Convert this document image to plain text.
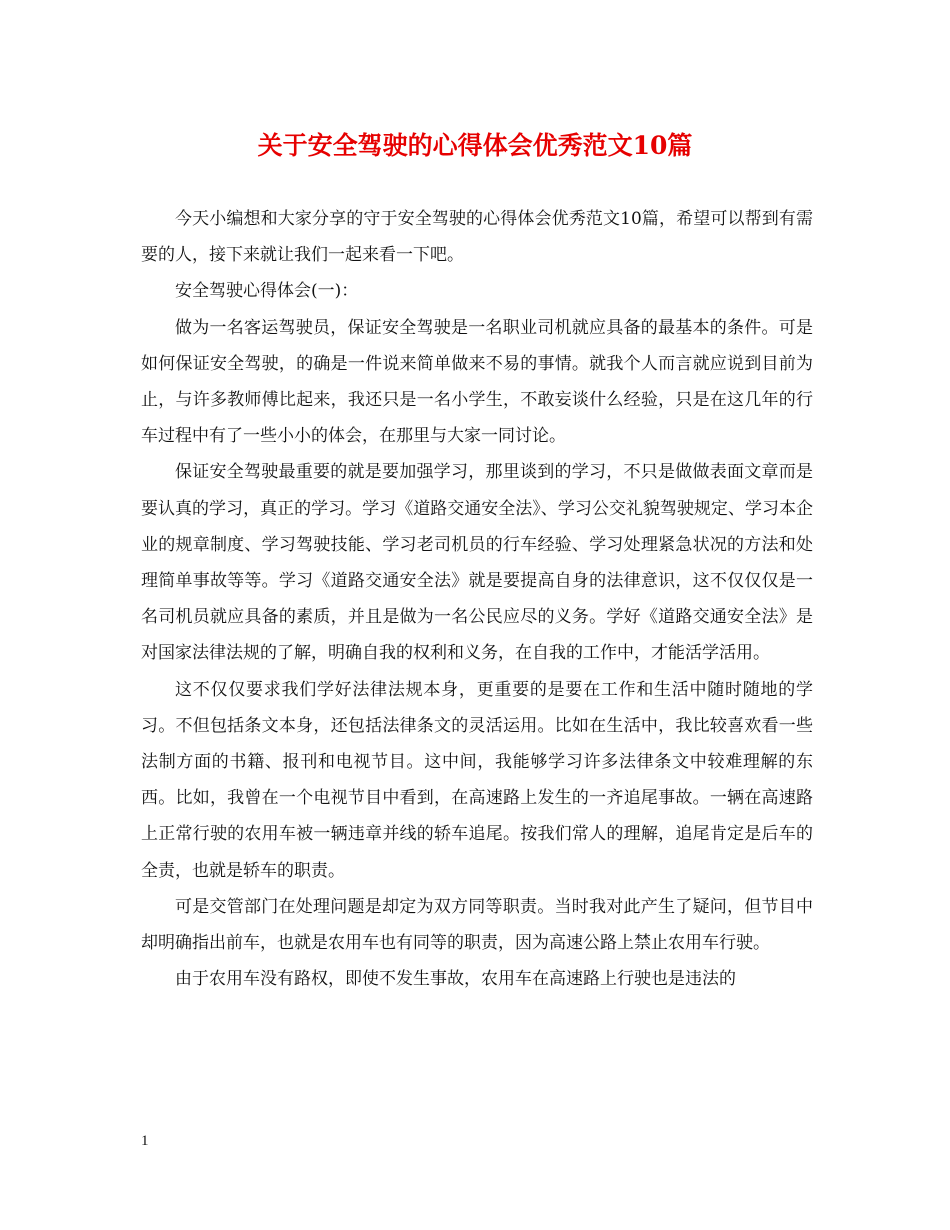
关于安全驾驶的心得体会优秀范文10篇

今天小编想和大家分享的守于安全驾驶的心得体会优秀范文10篇，希望可以帮到有需要的人，接下来就让我们一起来看一下吧。

安全驾驶心得体会(一)：

做为一名客运驾驶员，保证安全驾驶是一名职业司机就应具备的最基本的条件。可是如何保证安全驾驶，的确是一件说来简单做来不易的事情。就我个人而言就应说到目前为止，与许多教师傅比起来，我还只是一名小学生，不敢妄谈什么经验，只是在这几年的行车过程中有了一些小小的体会，在那里与大家一同讨论。

保证安全驾驶最重要的就是要加强学习，那里谈到的学习，不只是做做表面文章而是要认真的学习，真正的学习。学习《道路交通安全法》、学习公交礼貌驾驶规定、学习本企业的规章制度、学习驾驶技能、学习老司机员的行车经验、学习处理紧急状况的方法和处理简单事故等等。学习《道路交通安全法》就是要提高自身的法律意识，这不仅仅仅是一名司机员就应具备的素质，并且是做为一名公民应尽的义务。学好《道路交通安全法》是对国家法律法规的了解，明确自我的权利和义务，在自我的工作中，才能活学活用。

这不仅仅要求我们学好法律法规本身，更重要的是要在工作和生活中随时随地的学习。不但包括条文本身，还包括法律条文的灵活运用。比如在生活中，我比较喜欢看一些法制方面的书籍、报刊和电视节目。这中间，我能够学习许多法律条文中较难理解的东西。比如，我曾在一个电视节目中看到，在高速路上发生的一齐追尾事故。一辆在高速路上正常行驶的农用车被一辆违章并线的轿车追尾。按我们常人的理解，追尾肯定是后车的全责，也就是轿车的职责。

可是交管部门在处理问题是却定为双方同等职责。当时我对此产生了疑问，但节目中却明确指出前车，也就是农用车也有同等的职责，因为高速公路上禁止农用车行驶。

由于农用车没有路权，即使不发生事故，农用车在高速路上行驶也是违法的

1
